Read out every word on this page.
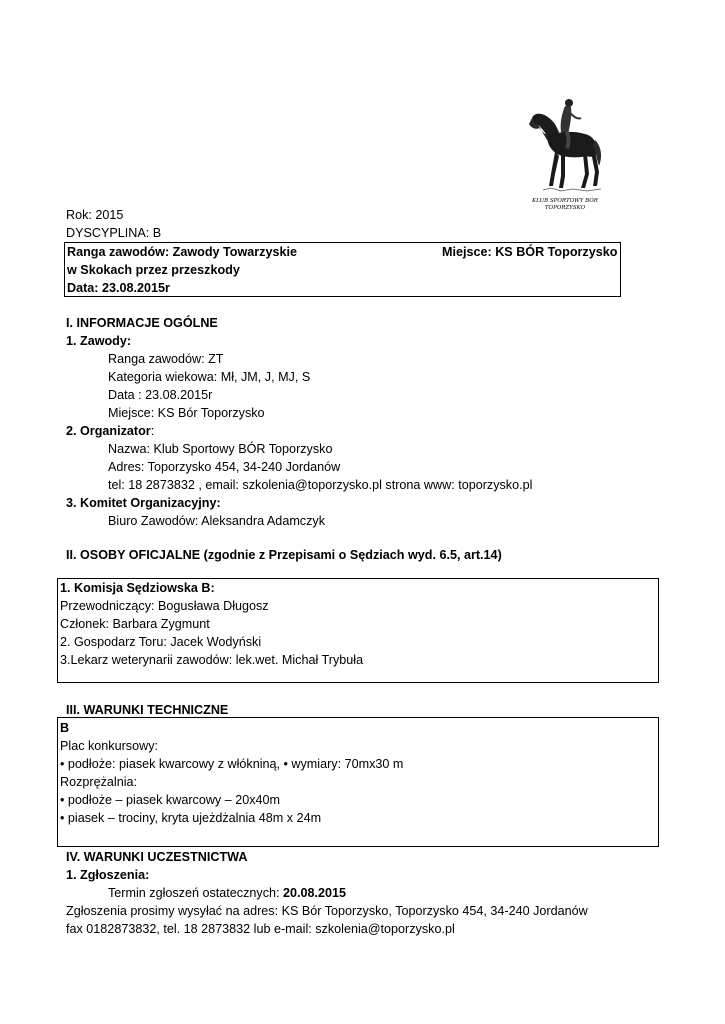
KLUB SPORTOWY BÓR
TOPORZYSKO
Rok: 2015
DYSCYPLINA: B
Ranga zawodów: Zawody Towarzyskie
w Skokach przez przeszkody
Data: 23.08.2015r
Miejsce: KS BÓR Toporzysko
I. INFORMACJE OGÓLNE
1. Zawody:
Ranga zawodów: ZT
Kategoria wiekowa: Mł, JM, J, MJ, S
Data : 23.08.2015r
Miejsce: KS Bór Toporzysko
2. Organizator:
Nazwa: Klub Sportowy BÓR Toporzysko
Adres: Toporzysko 454, 34-240 Jordanów
tel: 18 2873832 , email: szkolenia@toporzysko.pl strona www: toporzysko.pl
3. Komitet Organizacyjny:
Biuro Zawodów: Aleksandra Adamczyk
II. OSOBY OFICJALNE (zgodnie z Przepisami o Sędziach wyd. 6.5, art.14)
1. Komisja Sędziowska B:
Przewodniczący: Bogusława Długosz
Członek: Barbara Zygmunt
2. Gospodarz Toru: Jacek Wodyński
3.Lekarz weterynarii zawodów: lek.wet. Michał Trybuła
III. WARUNKI TECHNICZNE
B
Plac konkursowy:
• podłoże: piasek kwarcowy z włókniną, • wymiary: 70mx30 m
Rozprężalnia:
• podłoże – piasek kwarcowy – 20x40m
• piasek – trociny, kryta ujeżdżalnia 48m x 24m
IV. WARUNKI UCZESTNICTWA
1. Zgłoszenia:
Termin zgłoszeń ostatecznych: 20.08.2015
Zgłoszenia prosimy wysyłać na adres: KS Bór Toporzysko, Toporzysko 454, 34-240 Jordanów
fax 0182873832, tel. 18 2873832 lub e-mail: szkolenia@toporzysko.pl
